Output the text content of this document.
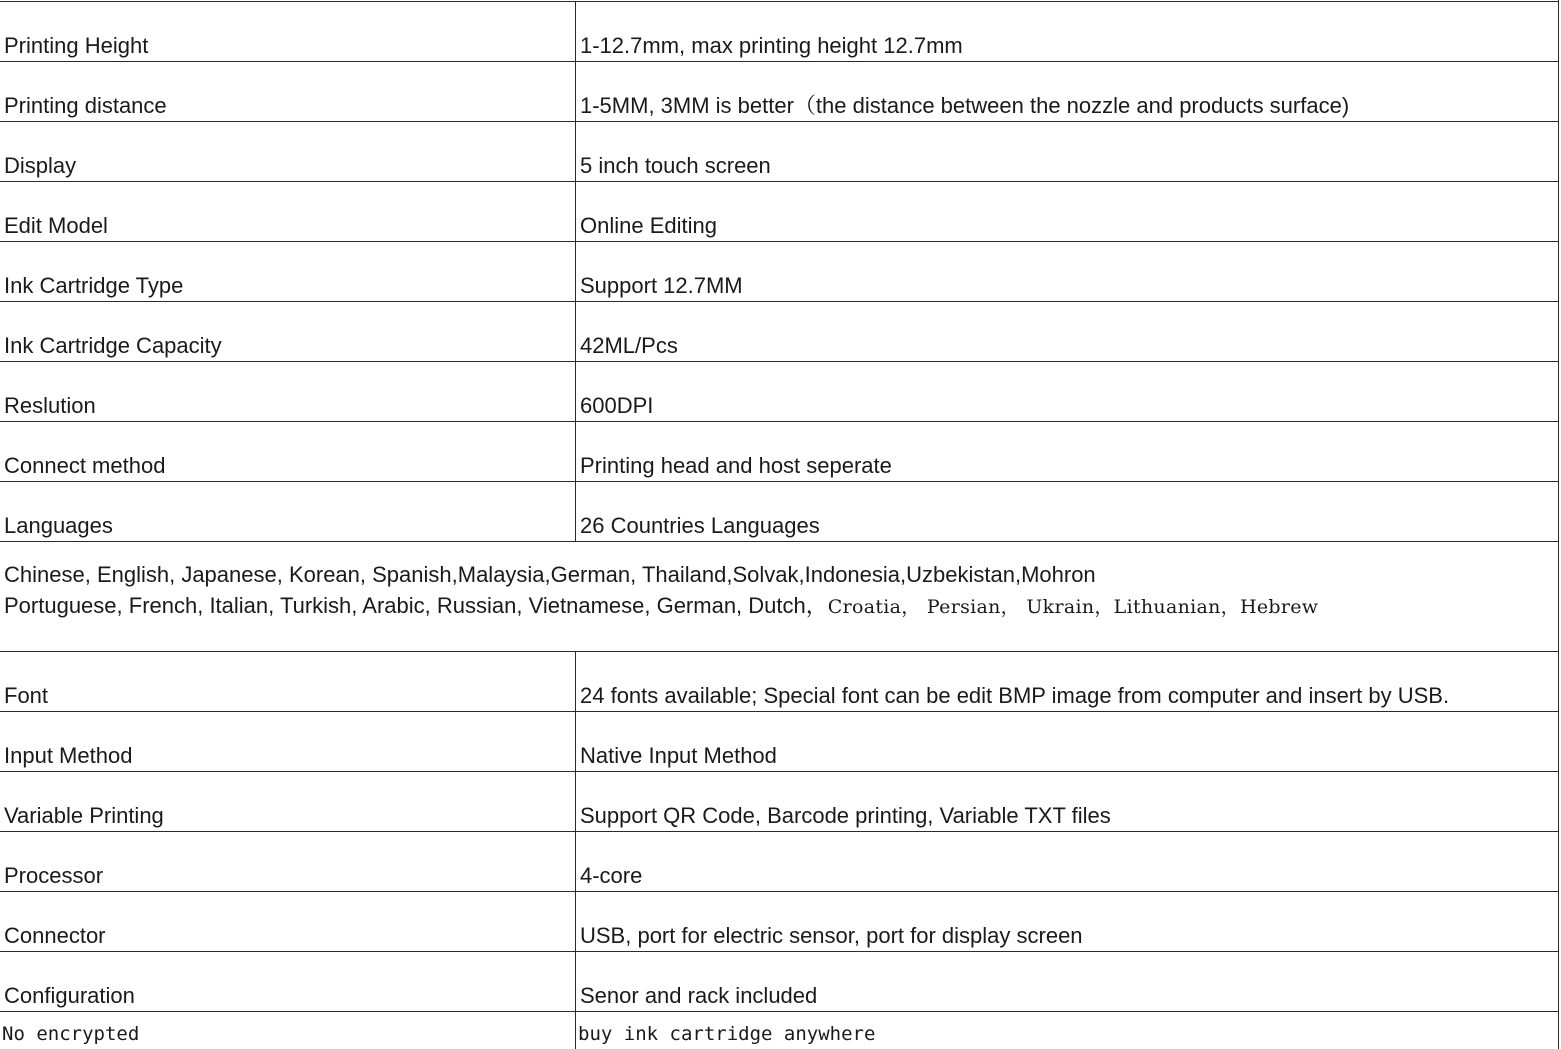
Printing Height	1-12.7mm, max printing height 12.7mm
Printing distance	1-5MM, 3MM is better（the distance between the nozzle and products surface)
Display	5 inch touch screen
Edit Model	Online Editing
Ink Cartridge Type	Support 12.7MM
Ink Cartridge Capacity	42ML/Pcs
Reslution	600DPI
Connect method	Printing head and host seperate
Languages	26 Countries Languages
Chinese, English, Japanese, Korean, Spanish,Malaysia,German, Thailand,Solvak,Indonesia,Uzbekistan,Mohron
Portuguese, French, Italian, Turkish, Arabic, Russian, Vietnamese, German, Dutch，Croatia， Persian， Ukrain，Lithuanian，Hebrew
Font	24 fonts available; Special font can be edit BMP image from computer and insert by USB.
Input Method	Native Input Method
Variable Printing	Support QR Code, Barcode printing, Variable TXT files
Processor	4-core
Connector	USB, port for electric sensor, port for display screen
Configuration	Senor and rack included
No encrypted	buy ink cartridge anywhere
